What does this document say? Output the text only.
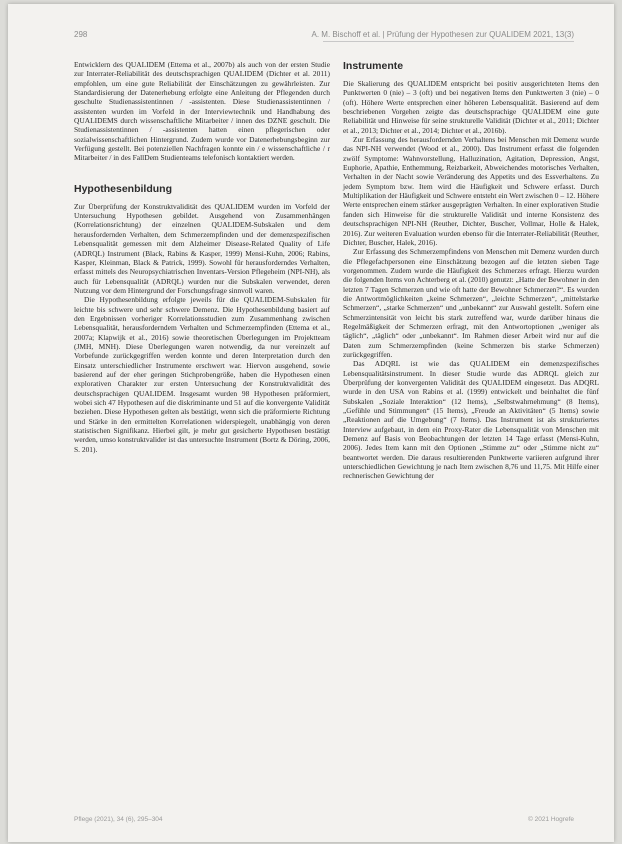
298	A. M. Bischoff et al. | Prüfung der Hypothesen zur QUALIDEM 2021, 13(3)

Entwicklern des QUALIDEM (Ettema et al., 2007b) als auch von der ersten Studie zur Interrater-Reliabilität des deutschsprachigen QUALIDEM (Dichter et al. 2011) empfohlen, um eine gute Reliabilität der Einschätzungen zu gewährleisten. Zur Standardisierung der Datenerhebung erfolgte eine Anleitung der Pflegenden durch geschulte Studienassistentinnen / -assistenten. Diese Studienassistentinnen / assistenten wurden im Vorfeld in der Interviewtechnik und Handhabung des QUALIDEMS durch wissenschaftliche Mitarbeiter / innen des DZNE geschult. Die Studienassistentinnen / -assistenten hatten einen pflegerischen oder sozialwissenschaftlichen Hintergrund. Zudem wurde vor Datenerhebungsbeginn zur Verfügung gestellt. Bei potenziellen Nachfragen konnte ein / e wissenschaftliche / r Mitarbeiter / in des FallDem Studienteams telefonisch kontaktiert werden.

Hypothesenbildung

Zur Überprüfung der Konstruktvalidität des QUALIDEM wurden im Vorfeld der Untersuchung Hypothesen gebildet. Ausgehend von Zusammenhängen (Korrelationsrichtung) der einzelnen QUALIDEM-Subskalen und dem herausfordernden Verhalten, dem Schmerzempfinden und der demenzspezifischen Lebensqualität gemessen mit dem Alzheimer Disease-Related Quality of Life (ADRQL) Instrument (Black, Rabins & Kasper, 1999) Mensi-Kuhn, 2006; Rabins, Kasper, Kleinman, Black & Patrick, 1999). Sowohl für herausforderndes Verhalten, erfasst mittels des Neuropsychiatrischen Inventars-Version Pflegeheim (NPI-NH), als auch für Lebensqualität (ADRQL) wurden nur die Subskalen verwendet, deren Nutzung vor dem Hintergrund der Forschungsfrage sinnvoll waren.

Die Hypothesenbildung erfolgte jeweils für die QUALIDEM-Subskalen für leichte bis schwere und sehr schwere Demenz. Die Hypothesenbildung basiert auf den Ergebnissen vorheriger Korrelationsstudien zum Zusammenhang zwischen Lebensqualität, herausforderndem Verhalten und Schmerzempfinden (Ettema et al., 2007a; Klapwijk et al., 2016) sowie theoretischen Überlegungen im Projektteam (JMH, MNH). Diese Überlegungen waren notwendig, da nur vereinzelt auf Vorbefunde zurückgegriffen werden konnte und deren Interpretation durch den Einsatz unterschiedlicher Instrumente erschwert war. Hiervon ausgehend, sowie basierend auf der eher geringen Stichprobengröße, haben die Hypothesen einen explorativen Charakter zur ersten Untersuchung der Konstruktvalidität des deutschsprachigen QUALIDEM. Insgesamt wurden 98 Hypothesen präformiert, wobei sich 47 Hypothesen auf die diskriminante und 51 auf die konvergente Validität beziehen. Diese Hypothesen gelten als bestätigt, wenn sich die präformierte Richtung und Stärke in den ermittelten Korrelationen widerspiegelt, unabhängig von deren statistischen Signifikanz. Hierbei gilt, je mehr gut gesicherte Hypothesen bestätigt werden, umso konstruktvalider ist das untersuchte Instrument (Bortz & Döring, 2006, S. 201).

Instrumente

Die Skalierung des QUALIDEM entspricht bei positiv ausgerichteten Items den Punktwerten 0 (nie) – 3 (oft) und bei negativen Items den Punktwerten 3 (nie) – 0 (oft). Höhere Werte entsprechen einer höheren Lebensqualität. Basierend auf dem beschriebenen Vorgehen zeigte das deutschsprachige QUALIDEM eine gute Reliabilität und Hinweise für seine strukturelle Validität (Dichter et al., 2011; Dichter et al., 2013; Dichter et al., 2014; Dichter et al., 2016b).

Zur Erfassung des herausfordernden Verhaltens bei Menschen mit Demenz wurde das NPI-NH verwendet (Wood et al., 2000). Das Instrument erfasst die folgenden zwölf Symptome: Wahnvorstellung, Halluzination, Agitation, Depression, Angst, Euphorie, Apathie, Enthemmung, Reizbarkeit, Abweichendes motorisches Verhalten, Verhalten in der Nacht sowie Veränderung des Appetits und des Essverhaltens. Zu jedem Symptom bzw. Item wird die Häufigkeit und Schwere erfasst. Durch Multiplikation der Häufigkeit und Schwere entsteht ein Wert zwischen 0 – 12. Höhere Werte entsprechen einem stärker ausgeprägten Verhalten. In einer explorativen Studie fanden sich Hinweise für die strukturelle Validität und interne Konsistenz des deutschsprachigen NPI-NH (Reuther, Dichter, Buscher, Vollmar, Holle & Halek, 2016). Zur weiteren Evaluation wurden ebenso für die Interrater-Reliabilität (Reuther, Dichter, Buscher, Halek, 2016).

Zur Erfassung des Schmerzempfindens von Menschen mit Demenz wurden durch die Pflegefachpersonen eine Einschätzung bezogen auf die letzten sieben Tage vorgenommen. Zudem wurde die Häufigkeit des Schmerzes erfragt. Hierzu wurden die folgenden Items von Achterberg et al. (2010) genutzt: „Hatte der Bewohner in den letzten 7 Tagen Schmerzen und wie oft hatte der Bewohner Schmerzen?“. Es wurden die Antwortmöglichkeiten „keine Schmerzen“, „leichte Schmerzen“, „mittelstarke Schmerzen“, „starke Schmerzen“ und „unbekannt“ zur Auswahl gestellt. Sofern eine Schmerzintensität von leicht bis stark zutreffend war, wurde darüber hinaus die Regelmäßigkeit der Schmerzen erfragt, mit den Antwortoptionen „weniger als täglich“, „täglich“ oder „unbekannt“. Im Rahmen dieser Arbeit wird nur auf die Daten zum Schmerzempfinden (keine Schmerzen bis starke Schmerzen) zurückgegriffen.

Das ADQRL ist wie das QUALIDEM ein demenzspezifisches Lebensqualitätsinstrument. In dieser Studie wurde das ADRQL gleich zur Überprüfung der konvergenten Validität des QUALIDEM eingesetzt. Das ADQRL wurde in den USA von Rabins et al. (1999) entwickelt und beinhaltet die fünf Subskalen „Soziale Interaktion“ (12 Items), „Selbstwahrnehmung“ (8 Items), „Gefühle und Stimmungen“ (15 Items), „Freude an Aktivitäten“ (5 Items) sowie „Reaktionen auf die Umgebung“ (7 Items). Das Instrument ist als strukturiertes Interview aufgebaut, in dem ein Proxy-Rater die Lebensqualität von Menschen mit Demenz auf Basis von Beobachtungen der letzten 14 Tage erfasst (Mensi-Kuhn, 2006). Jedes Item kann mit den Optionen „Stimme zu“ oder „Stimme nicht zu“ beantwortet werden. Die daraus resultierenden Punktwerte variieren aufgrund ihrer unterschiedlichen Gewichtung je nach Item zwischen 8,76 und 11,75. Mit Hilfe einer rechnerischen Gewichtung der

Pflege (2021), 34 (6), 295–304	© 2021 Hogrefe
